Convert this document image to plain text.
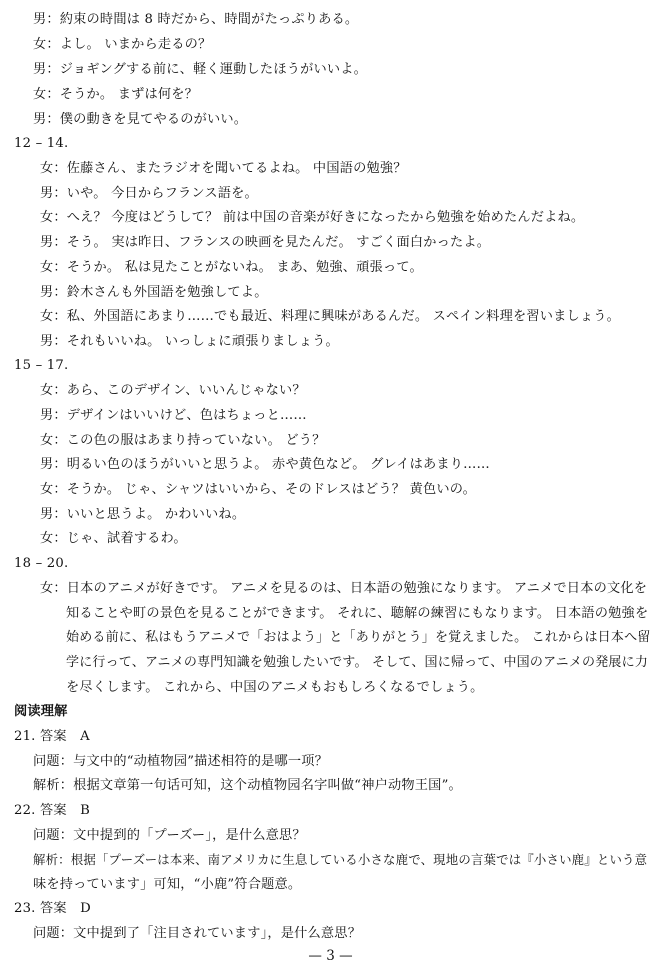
男：約束の時間は 8 時だから、時間がたっぷりある。
女：よし。 いまから走るの？
男：ジョギングする前に、軽く運動したほうがいいよ。
女：そうか。 まずは何を？
男：僕の動きを見てやるのがいい。
12 – 14.
女：佐藤さん、またラジオを聞いてるよね。 中国語の勉強？
男：いや。 今日からフランス語を。
女：へえ？ 今度はどうして？ 前は中国の音楽が好きになったから勉強を始めたんだよね。
男：そう。 実は昨日、フランスの映画を見たんだ。 すごく面白かったよ。
女：そうか。 私は見たことがないね。 まあ、勉強、頑張って。
男：鈴木さんも外国語を勉強してよ。
女：私、外国語にあまり……でも最近、料理に興味があるんだ。 スペイン料理を習いましょう。
男：それもいいね。 いっしょに頑張りましょう。
15 – 17.
女：あら、このデザイン、いいんじゃない？
男：デザインはいいけど、色はちょっと……
女：この色の服はあまり持っていない。 どう？
男：明るい色のほうがいいと思うよ。 赤や黄色など。 グレイはあまり……
女：そうか。 じゃ、シャツはいいから、そのドレスはどう？ 黄色いの。
男：いいと思うよ。 かわいいね。
女：じゃ、試着するわ。
18 – 20.
女：日本のアニメが好きです。 アニメを見るのは、日本語の勉強になります。 アニメで日本の文化を
知ることや町の景色を見ることができます。 それに、聴解の練習にもなります。 日本語の勉強を
始める前に、私はもうアニメで「おはよう」と「ありがとう」を覚えました。 これからは日本へ留
学に行って、アニメの専門知識を勉強したいです。 そして、国に帰って、中国のアニメの発展に力
を尽くします。 これから、中国のアニメもおもしろくなるでしょう。
阅读理解
21. 答案　A
问题：与文中的“动植物园”描述相符的是哪一项？
解析：根据文章第一句话可知，这个动植物园名字叫做“神户动物王国”。
22. 答案　B
问题：文中提到的「プーズー」，是什么意思？
解析：根据「プーズーは本来、南アメリカに生息している小さな鹿で、現地の言葉では『小さい鹿』という意
味を持っています」可知，“小鹿”符合题意。
23. 答案　D
问题：文中提到了「注目されています」，是什么意思？
— 3 —
